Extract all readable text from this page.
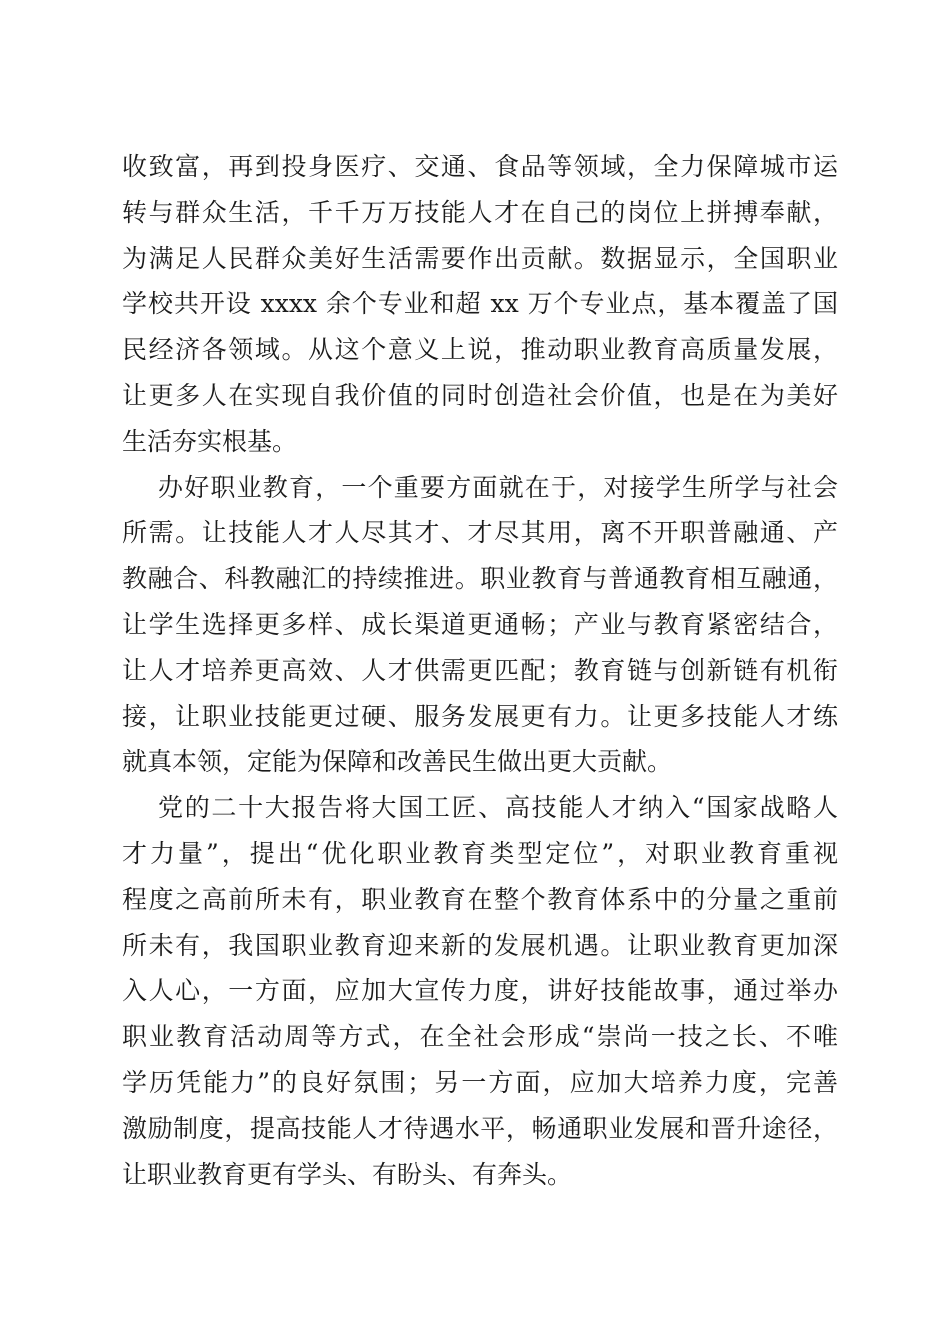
收致富，再到投身医疗、交通、食品等领域，全力保障城市运
转与群众生活，千千万万技能人才在自己的岗位上拼搏奉献，
为满足人民群众美好生活需要作出贡献。数据显示，全国职业
学校共开设 xxxx 余个专业和超 xx 万个专业点，基本覆盖了国
民经济各领域。从这个意义上说，推动职业教育高质量发展，
让更多人在实现自我价值的同时创造社会价值，也是在为美好
生活夯实根基。
办好职业教育，一个重要方面就在于，对接学生所学与社会
所需。让技能人才人尽其才、才尽其用，离不开职普融通、产
教融合、科教融汇的持续推进。职业教育与普通教育相互融通，
让学生选择更多样、成长渠道更通畅；产业与教育紧密结合，
让人才培养更高效、人才供需更匹配；教育链与创新链有机衔
接，让职业技能更过硬、服务发展更有力。让更多技能人才练
就真本领，定能为保障和改善民生做出更大贡献。
党的二十大报告将大国工匠、高技能人才纳入“国家战略人
才力量”，提出“优化职业教育类型定位”，对职业教育重视
程度之高前所未有，职业教育在整个教育体系中的分量之重前
所未有，我国职业教育迎来新的发展机遇。让职业教育更加深
入人心，一方面，应加大宣传力度，讲好技能故事，通过举办
职业教育活动周等方式，在全社会形成“崇尚一技之长、不唯
学历凭能力”的良好氛围；另一方面，应加大培养力度，完善
激励制度，提高技能人才待遇水平，畅通职业发展和晋升途径，
让职业教育更有学头、有盼头、有奔头。
